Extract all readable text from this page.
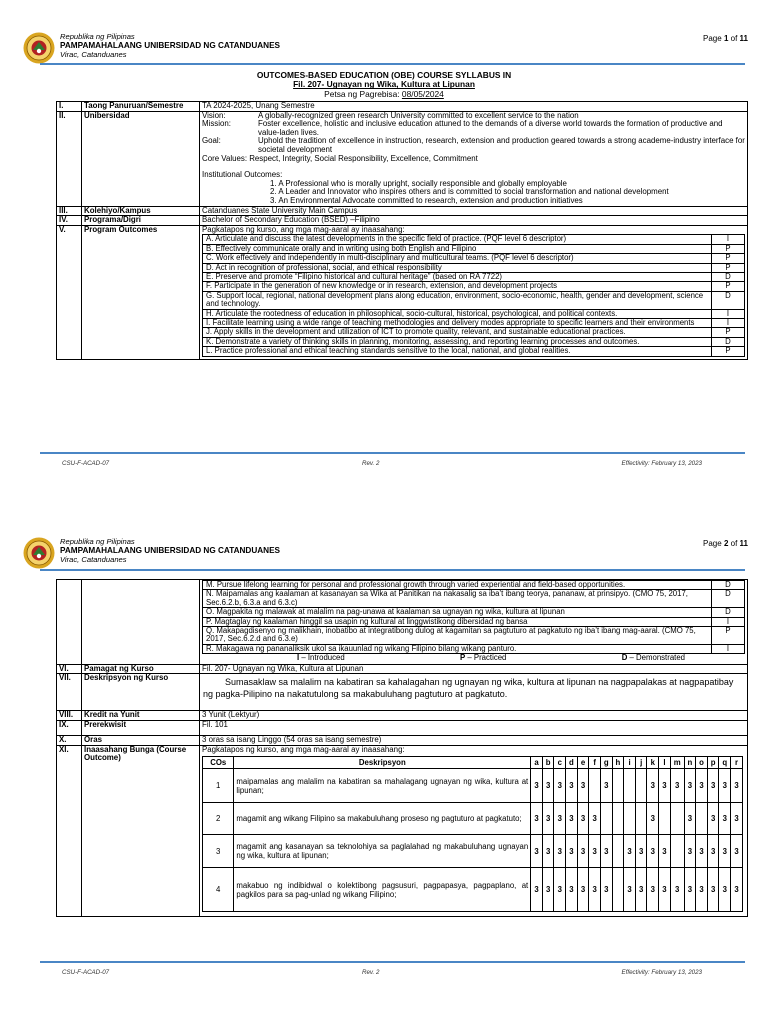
Republika ng Pilipinas
PAMPAMAHALAANG UNIBERSIDAD NG CATANDUANES
Virac, Catanduanes
Page 1 of 11
OUTCOMES-BASED EDUCATION (OBE) COURSE SYLLABUS IN
Fil. 207- Ugnayan ng Wika, Kultura at Lipunan
Petsa ng Pagrebisa: 08/05/2024
I.	Taong Panuruan/Semestre	TA 2024-2025, Unang Semestre
II.	Unibersidad	Vision:	A globally-recognized green research University committed to excellent service to the nation
Mission:	Foster excellence, holistic and inclusive education attuned to the demands of a diverse world towards the formation of productive and value-laden lives.
Goal:	Uphold the tradition of excellence in instruction, research, extension and production geared towards a strong academe-industry interface for societal development
Core Values: Respect, Integrity, Social Responsibility, Excellence, Commitment
Institutional Outcomes:
1. A Professional who is morally upright, socially responsible and globally employable
2. A Leader and Innovator who inspires others and is committed to social transformation and national development
3. An Environmental Advocate committed to research, extension and production initiatives

III.	Kolehiyo/Kampus	Catanduanes State University Main Campus
IV.	Programa/Digri	Bachelor of Secondary Education (BSED) –Filipino
V.	Program Outcomes	Pagkatapos ng kurso, ang mga mag-aaral ay inaasahang:
A. Articulate and discuss the latest developments in the specific field of practice. (PQF level 6 descriptor)	I
B. Effectively communicate orally and in writing using both English and Filipino	P
C. Work effectively and independently in multi-disciplinary and multicultural teams. (PQF level 6 descriptor)	P
D. Act in recognition of professional, social, and ethical responsibility	P
E. Preserve and promote “Filipino historical and cultural heritage” (based on RA 7722)	D
F. Participate in the generation of new knowledge or in research, extension, and development projects	P
G. Support local, regional, national development plans along education, environment, socio-economic, health, gender and development, science and technology.	D
H. Articulate the rootedness of education in philosophical, socio-cultural, historical, psychological, and political contexts.	I
I. Facilitate learning using a wide range of teaching methodologies and delivery modes appropriate to specific learners and their environments	I
J. Apply skills in the development and utilization of ICT to promote quality, relevant, and sustainable educational practices.	P
K. Demonstrate a variety of thinking skills in planning, monitoring, assessing, and reporting learning processes and outcomes.	D
L. Practice professional and ethical teaching standards sensitive to the local, national, and global realities.	P
CSU-F-ACAD-07	Rev. 2	Effectivity: February 13, 2023
Republika ng Pilipinas
PAMPAMAHALAANG UNIBERSIDAD NG CATANDUANES
Virac, Catanduanes
Page 2 of 11

M. Pursue lifelong learning for personal and professional growth through varied experiential and field-based opportunities.	D
N. Maipamalas ang kaalaman at kasanayan sa Wika at Panitikan na nakasalig sa iba’t ibang teorya, pananaw, at prinsipyo. (CMO 75, 2017, Sec.6.2.b, 6.3.a and 6.3.c)	D
O. Magpakita ng malawak at malalim na pag-unawa at kaalaman sa ugnayan ng wika, kultura at lipunan	D
P. Magtaglay ng kaalaman hinggil sa usapin ng kultural at linggwistikong dibersidad ng bansa	I
Q. Makapagdisenyo ng malikhain, inobatibo at integratibong dulog at kagamitan sa pagtuturo at pagkatuto ng iba’t ibang mag-aaral. (CMO 75, 2017, Sec.6.2.d and 6.3.e)	P
R. Makagawa ng pananaliksik ukol sa ikauunlad ng wikang Filipino bilang wikang panturo.	I
I – Introduced	P – Practiced	D – Demonstrated

VI.	Pamagat ng Kurso	Fil. 207- Ugnayan ng Wika, Kultura at Lipunan
VII.	Deskripsyon ng Kurso	Sumasaklaw sa malalim na kabatiran sa kahalagahan ng ugnayan ng wika, kultura at lipunan na nagpapalakas at nagpapatibay ng pagka-Pilipino na nakatutulong sa makabuluhang pagtuturo at pagkatuto.
VIII.	Kredit na Yunit	3 Yunit (Lektyur)
IX.	Prerekwisit	Fil. 101
X.	Oras	3 oras sa isang Linggo (54 oras sa isang semestre)
XI.	Inaasahang Bunga (Course Outcome)	
Pagkatapos ng kurso, ang mga mag-aaral ay inaasahang:
COs	Deskripsyon	a	b	c	d	e	f	g	h	i	j	k	l	m	n	o	p	q	r
1	maipamalas ang malalim na kabatiran sa mahalagang ugnayan ng wika, kultura at lipunan;	3	3	3	3	3		3				3	3	3	3	3	3	3	3
2	magamit ang wikang Filipino sa makabuluhang proseso ng pagtuturo at pagkatuto;	3	3	3	3	3	3					3			3		3	3	3
3	magamit ang kasanayan sa teknolohiya sa paglalahad ng makabuluhang ugnayan ng wika, kultura at lipunan;	3	3	3	3	3	3	3		3	3	3	3		3	3	3	3	3
4	makabuo ng indibidwal o kolektibong pagsusuri, pagpapasya, pagpaplano, at pagkilos para sa pag-unlad ng wikang Filipino;	3	3	3	3	3	3	3		3	3	3	3	3	3	3	3	3	3
CSU-F-ACAD-07	Rev. 2	Effectivity: February 13, 2023
